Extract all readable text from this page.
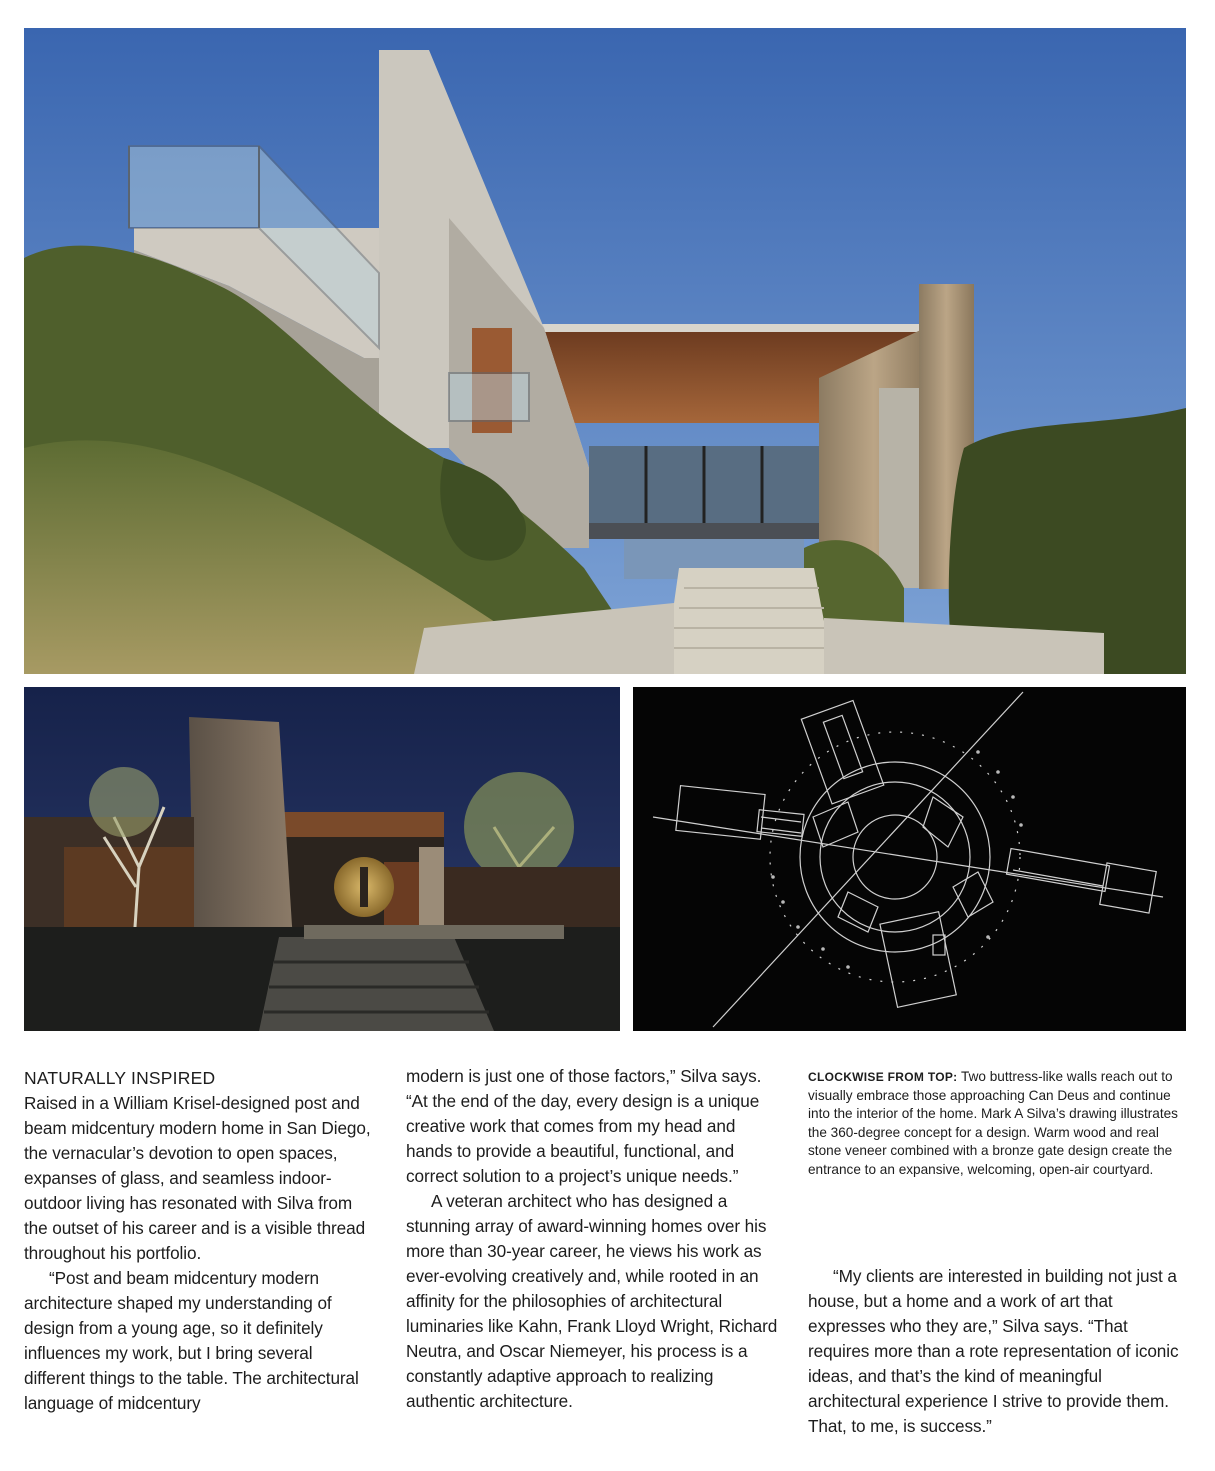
NATURALLY INSPIRED

Raised in a William Krisel-designed post and beam midcentury modern home in San Diego, the vernacular’s devotion to open spaces, expanses of glass, and seamless indoor-outdoor living has resonated with Silva from the outset of his career and is a visible thread throughout his portfolio.

“Post and beam midcentury modern architecture shaped my understanding of design from a young age, so it definitely influences my work, but I bring several different things to the table. The architectural language of midcentury

modern is just one of those factors,” Silva says. “At the end of the day, every design is a unique creative work that comes from my head and hands to provide a beautiful, functional, and correct solution to a project’s unique needs.”

A veteran architect who has designed a stunning array of award-winning homes over his more than 30-year career, he views his work as ever-evolving creatively and, while rooted in an affinity for the philosophies of architectural luminaries like Kahn, Frank Lloyd Wright, Richard Neutra, and Oscar Niemeyer, his process is a constantly adaptive approach to realizing authentic architecture.

CLOCKWISE FROM TOP: Two buttress-like walls reach out to visually embrace those approaching Can Deus and continue into the interior of the home. Mark A Silva’s drawing illustrates the 360-degree concept for a design. Warm wood and real stone veneer combined with a bronze gate design create the entrance to an expansive, welcoming, open-air courtyard.

“My clients are interested in building not just a house, but a home and a work of art that expresses who they are,” Silva says. “That requires more than a rote representation of iconic ideas, and that’s the kind of meaningful architectural experience I strive to provide them. That, to me, is success.”
